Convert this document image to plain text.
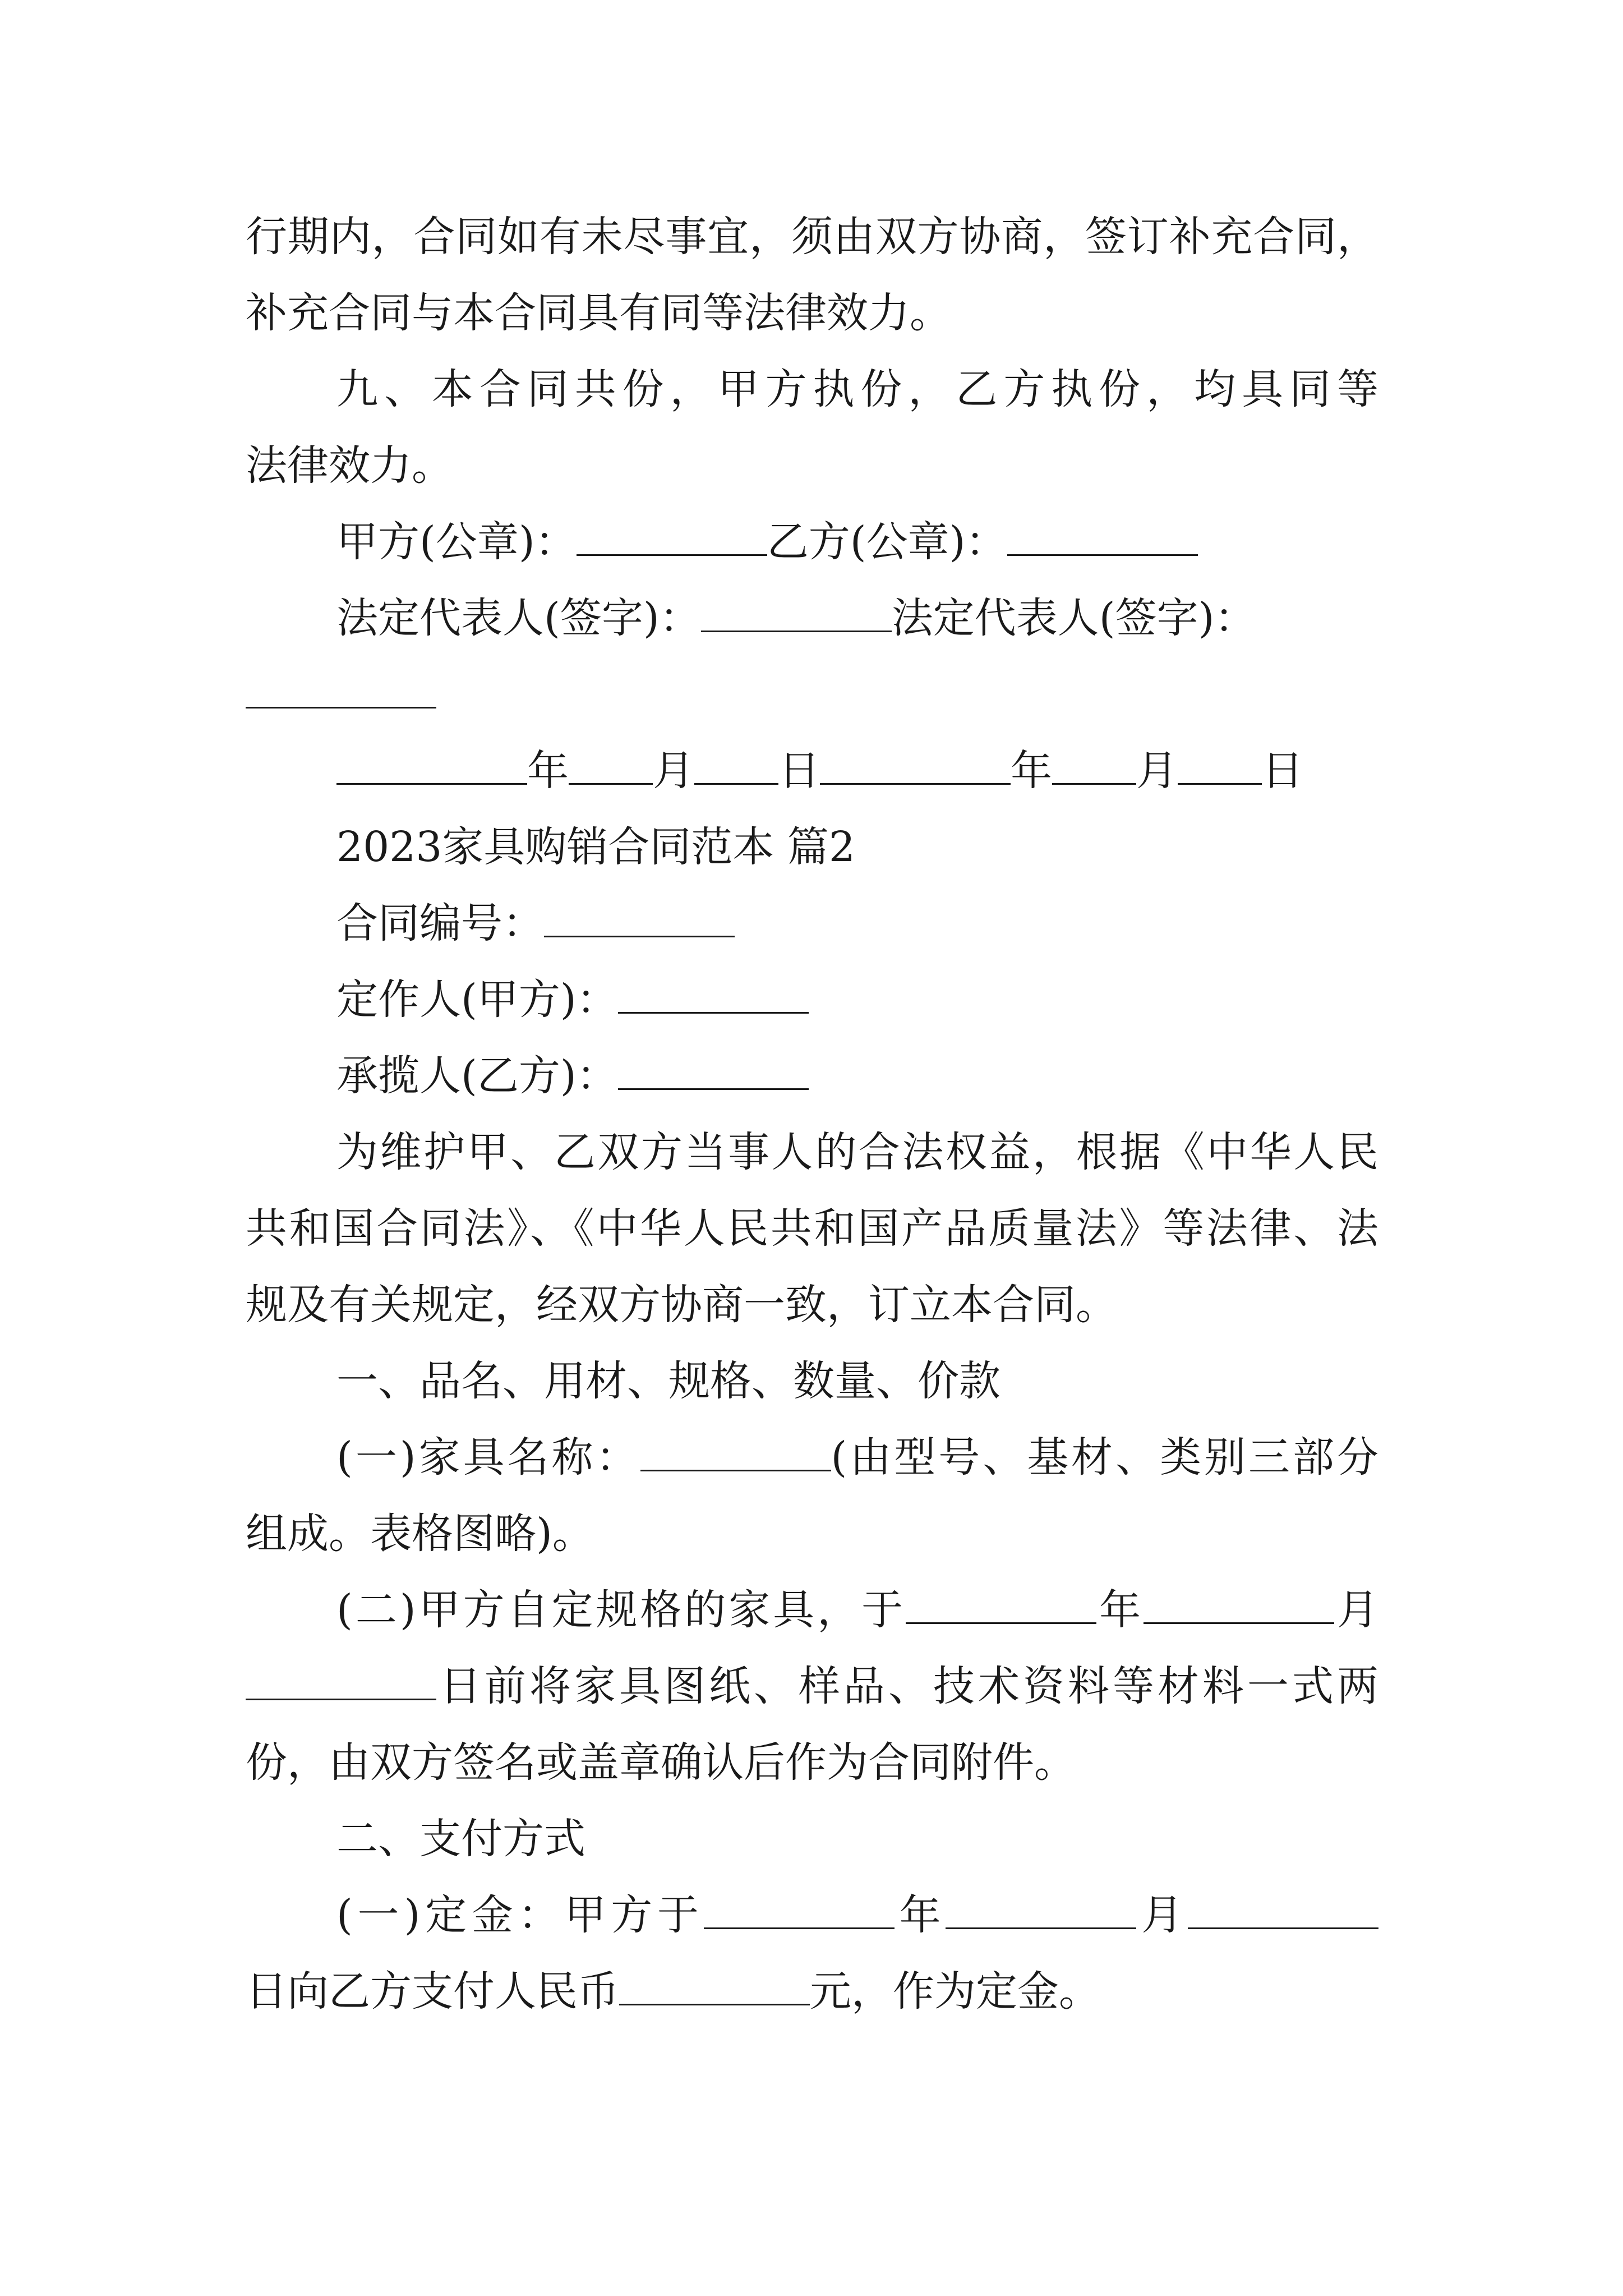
行期内，合同如有未尽事宜，须由双方协商，签订补充合同，
补充合同与本合同具有同等法律效力。
九、本合同共份，甲方执份，乙方执份，均具同等
法律效力。
甲方(公章)：	乙方(公章)：
法定代表人(签字)：	法定代表人(签字)：
年 月 日	年 月 日
2023家具购销合同范本 篇2
合同编号：
定作人(甲方)：
承揽人(乙方)：
为维护甲、乙双方当事人的合法权益，根据《中华人民
共和国合同法》、《中华人民共和国产品质量法》等法律、法
规及有关规定，经双方协商一致，订立本合同。
一、品名、用材、规格、数量、价款
(一)家具名称：	(由型号、基材、类别三部分
组成。表格图略)。
(二)甲方自定规格的家具，于	年	月
日前将家具图纸、样品、技术资料等材料一式两
份，由双方签名或盖章确认后作为合同附件。
二、支付方式
(一)定金：甲方于	年	月
日向乙方支付人民币	元，作为定金。
